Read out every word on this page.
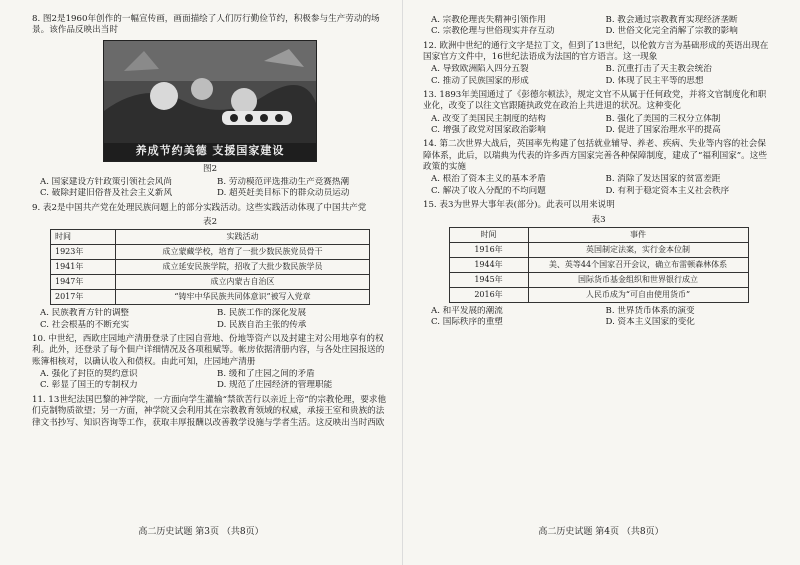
8. 图2是1960年创作的一幅宣传画，画面描绘了人们厉行勤俭节约，积极参与生产劳动的场景。该作品反映出当时

养成节约美德 支援国家建设
图2
A. 国家建设方针政策引领社会风尚	B. 劳动模范评选推动生产竞赛热潮
C. 破除封建旧俗普及社会主义新风	D. 超英赶美目标下的群众动员运动

9. 表2是中国共产党在处理民族问题上的部分实践活动。这些实践活动体现了中国共产党

表2
时间	实践活动
1923年	成立蒙藏学校，培育了一批少数民族党员骨干
1941年	成立延安民族学院，招收了大批少数民族学员
1947年	成立内蒙古自治区
2017年	“铸牢中华民族共同体意识”被写入党章
A. 民族教育方针的调整	B. 民族工作的深化发展
C. 社会根基的不断充实	D. 民族自治主张的传承

10. 中世纪，西欧庄园地产清册登录了庄园自营地、份地等资产以及封建主对公用地享有的权利。此外，还登录了每个佃户详细情况及各项租赋等。帐房依据清册内容，与各处庄园报送的账簿相核对，以确认收入和债权。由此可知，庄园地产清册

A. 强化了封臣的契约意识	B. 缓和了庄园之间的矛盾
C. 彰显了国王的专制权力	D. 规范了庄园经济的管理职能

11. 13世纪法国巴黎的神学院，一方面向学生灌输“禁欲苦行以亲近上帝”的宗教伦理，要求他们克制物质欲望；另一方面，神学院又会利用其在宗教教育领域的权威，承接王室和贵族的法律文书抄写、知识咨询等工作，获取丰厚报酬以改善教学设施与学者生活。这反映出当时西欧

高二历史试题 第3页 （共8页）
A. 宗教伦理丧失精神引领作用	B. 教会通过宗教教育实现经济垄断
C. 宗教伦理与世俗现实并存互动	D. 世俗文化完全消解了宗教的影响

12. 欧洲中世纪的通行文字是拉丁文，但到了13世纪，以伦敦方言为基础形成的英语出现在国家官方文件中，16世纪法语成为法国的官方语言。这一现象

A. 导致欧洲陷入四分五裂	B. 沉重打击了天主教会统治
C. 推动了民族国家的形成	D. 体现了民主平等的思想

13. 1893年美国通过了《彭德尔顿法》，规定文官不从属于任何政党，并将文官制度化和职业化，改变了以往文官跟随执政党在政治上共进退的状况。这种变化

A. 改变了美国民主制度的结构	B. 强化了美国的三权分立体制
C. 增强了政党对国家政治影响	D. 促进了国家治理水平的提高

14. 第二次世界大战后，英国率先构建了包括就业辅导、养老、疾病、失业等内容的社会保障体系，此后，以瑞典为代表的许多西方国家完善各种保障制度，建成了“福利国家”。这些政策的实施

A. 根治了资本主义的基本矛盾	B. 消除了发达国家的贫富差距
C. 解决了收入分配的不均问题	D. 有利于稳定资本主义社会秩序

15. 表3为世界大事年表(部分)。此表可以用来说明

表3
时间	事件
1916年	英国制定法案，实行金本位制
1944年	美、英等44个国家召开会议，确立布雷顿森林体系
1945年	国际货币基金组织和世界银行成立
2016年	人民币成为“可自由使用货币”
A. 和平发展的潮流	B. 世界货币体系的演变
C. 国际秩序的重塑	D. 资本主义国家的变化
高二历史试题 第4页 （共8页）
